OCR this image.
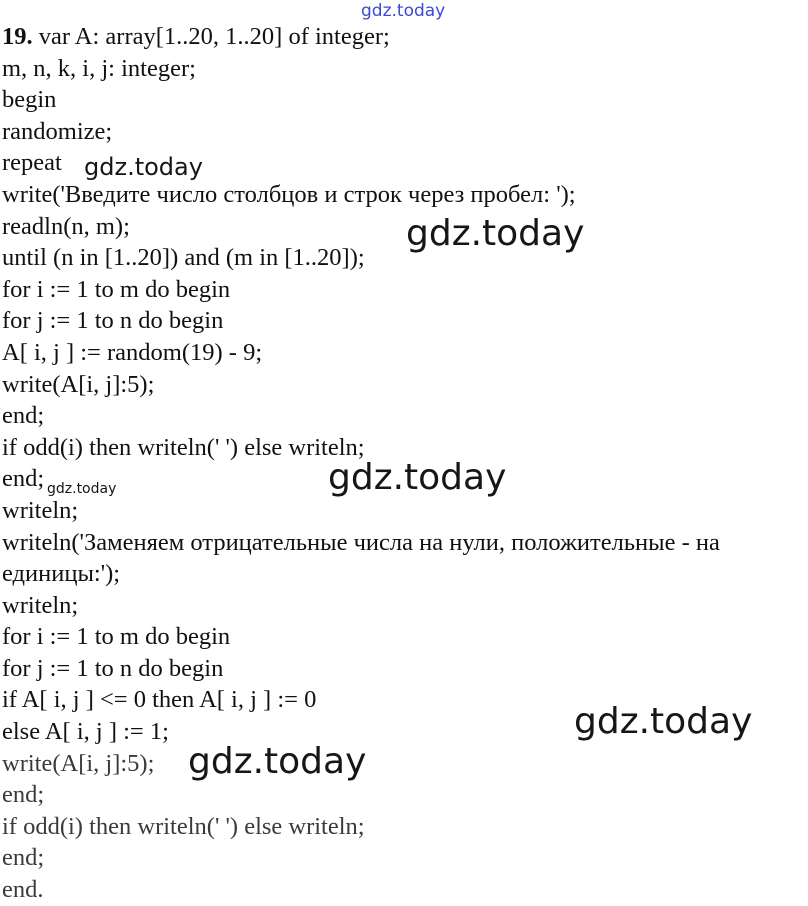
19. var A: array[1..20, 1..20] of integer;
m, n, k, i, j: integer;
begin
randomize;
repeat
write('Введите число столбцов и строк через пробел: ');
readln(n, m);
until (n in [1..20]) and (m in [1..20]);
for i := 1 to m do begin
for j := 1 to n do begin
A[ i, j ] := random(19) - 9;
write(A[i, j]:5);
end;
if odd(i) then writeln(' ') else writeln;
end;
writeln;
writeln('Заменяем отрицательные числа на нули, положительные - на
единицы:');
writeln;
for i := 1 to m do begin
for j := 1 to n do begin
if A[ i, j ] <= 0 then A[ i, j ] := 0
else A[ i, j ] := 1;
write(A[i, j]:5);
end;
if odd(i) then writeln(' ') else writeln;
end;
end.
gdz.today
gdz.today
gdz.today
gdz.today
gdz.today
gdz.today
gdz.today
